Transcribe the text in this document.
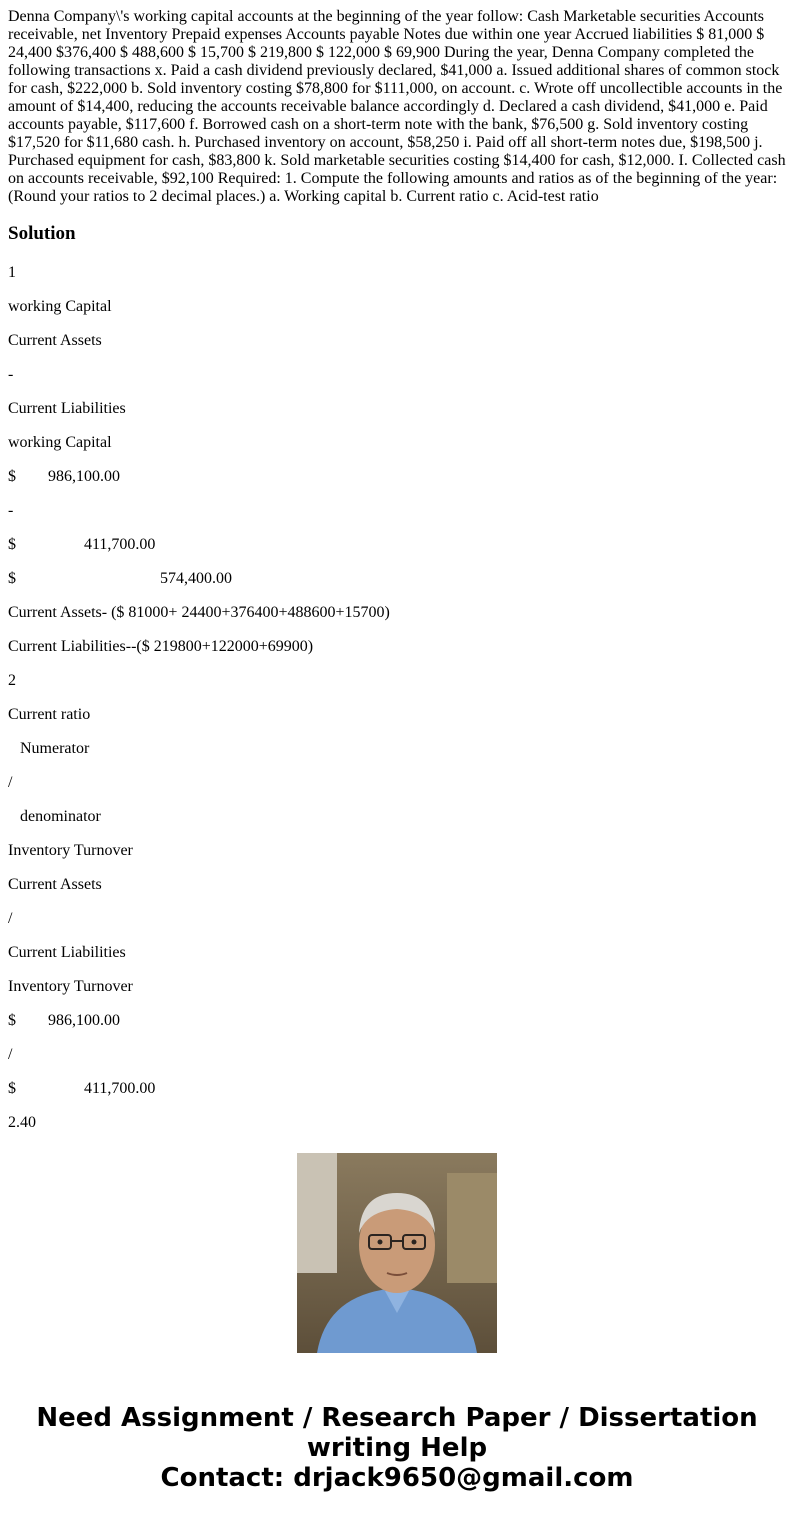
Denna Company\'s working capital accounts at the beginning of the year follow: Cash Marketable securities Accounts receivable, net Inventory Prepaid expenses Accounts payable Notes due within one year Accrued liabilities $ 81,000 $ 24,400 $376,400 $ 488,600 $ 15,700 $ 219,800 $ 122,000 $ 69,900 During the year, Denna Company completed the following transactions x. Paid a cash dividend previously declared, $41,000 a. Issued additional shares of common stock for cash, $222,000 b. Sold inventory costing $78,800 for $111,000, on account. c. Wrote off uncollectible accounts in the amount of $14,400, reducing the accounts receivable balance accordingly d. Declared a cash dividend, $41,000 e. Paid accounts payable, $117,600 f. Borrowed cash on a short-term note with the bank, $76,500 g. Sold inventory costing $17,520 for $11,680 cash. h. Purchased inventory on account, $58,250 i. Paid off all short-term notes due, $198,500 j. Purchased equipment for cash, $83,800 k. Sold marketable securities costing $14,400 for cash, $12,000. I. Collected cash on accounts receivable, $92,100 Required: 1. Compute the following amounts and ratios as of the beginning of the year: (Round your ratios to 2 decimal places.) a. Working capital b. Current ratio c. Acid-test ratio

Solution

1

working Capital

Current Assets

-

Current Liabilities

working Capital

$        986,100.00

-

$                 411,700.00

$                                    574,400.00

Current Assets- ($ 81000+ 24400+376400+488600+15700)

Current Liabilities--($ 219800+122000+69900)

2

Current ratio

Numerator

/

denominator

Inventory Turnover

Current Assets

/

Current Liabilities

Inventory Turnover

$        986,100.00

/

$                 411,700.00

2.40

Need Assignment / Research Paper / Dissertation
writing Help
Contact: drjack9650@gmail.com
